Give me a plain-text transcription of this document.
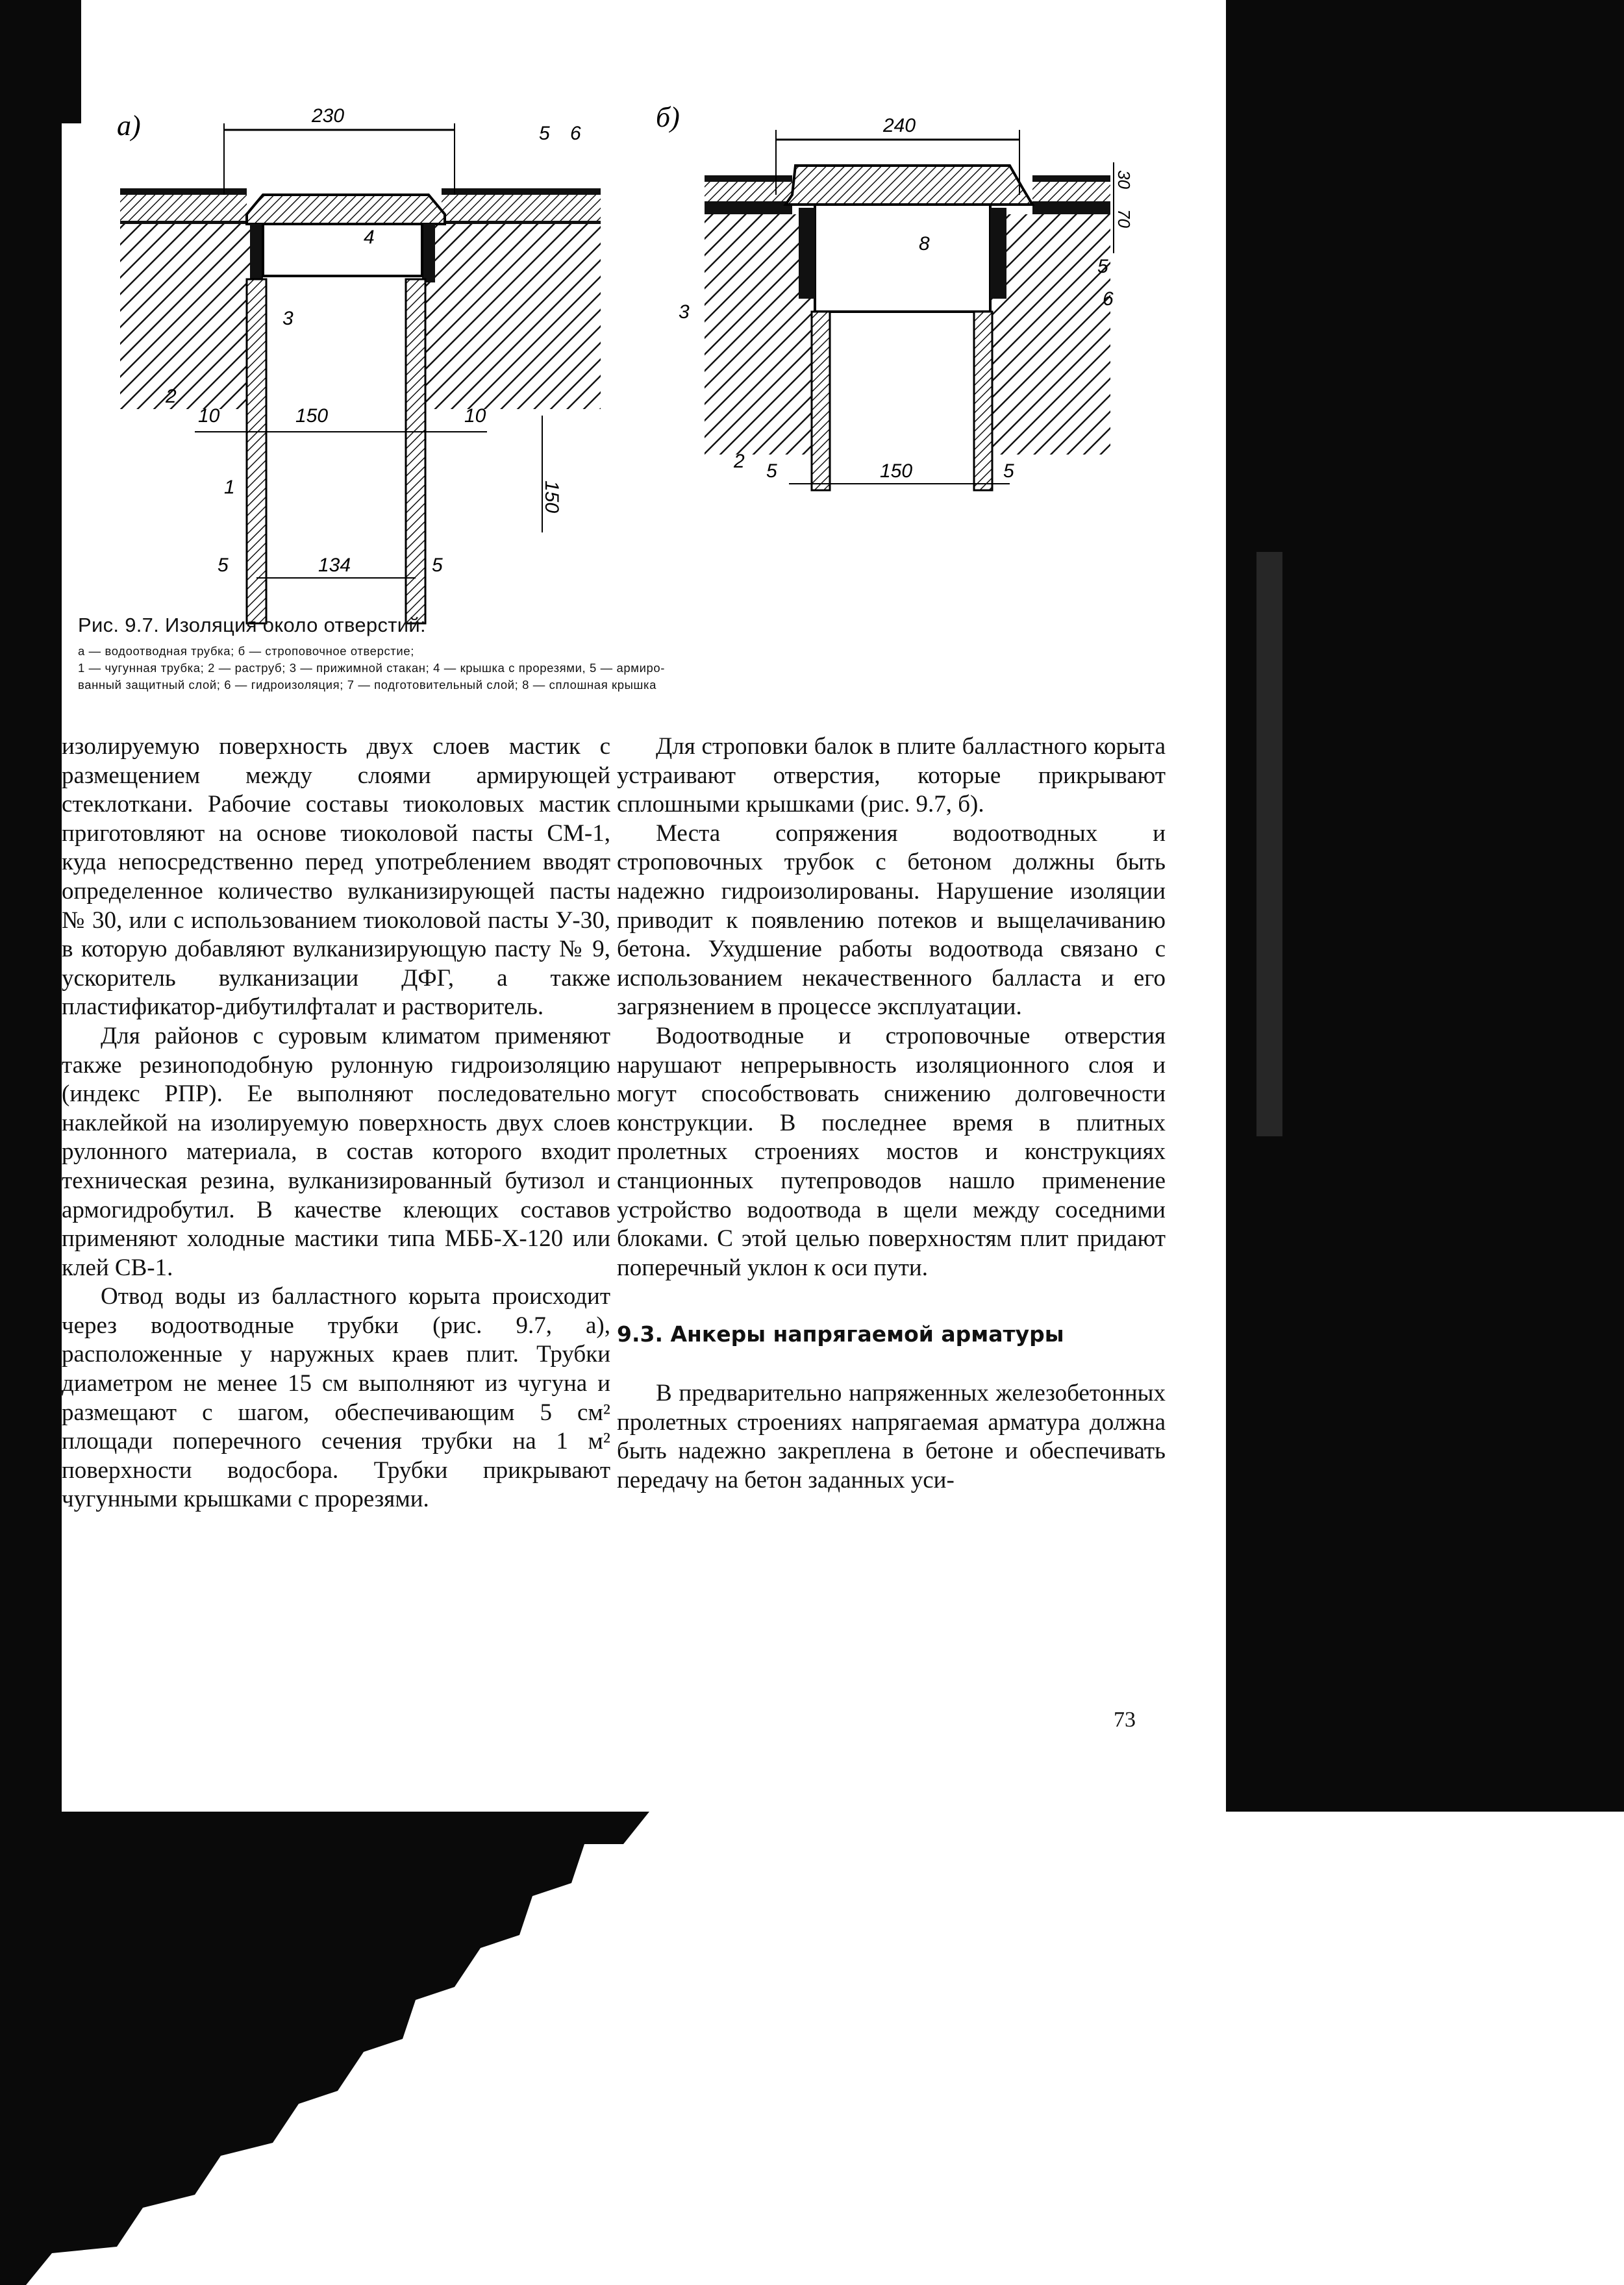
230
150
10	10
134
5	5
150
5 6
4
3
2
1
240
150
5	5
30
70
8
3
5
6
2

а)	б)

Рис. 9.7. Изоляция около отверстий:

а — водоотводная трубка; б — строповочное отверстие;

1 — чугунная трубка; 2 — раструб; 3 — прижимной стакан; 4 — крышка с прорезями, 5 — армиро-

ванный защитный слой; 6 — гидроизоляция; 7 — подготовительный слой; 8 — сплошная крышка

изолируемую поверхность двух слоев мастик с размещением между слоями армирующей стеклоткани. Рабочие составы тиоколовых мастик приготовляют на основе тиоколовой пасты СМ-1, куда непосредственно перед употреблением вводят определенное количество вулканизирующей пасты № 30, или с использованием тиоколовой пасты У-30, в которую добавляют вулканизирующую пасту № 9, ускоритель вулканизации ДФГ, а также пластификатор-дибутилфталат и растворитель.

Для районов с суровым климатом применяют также резиноподобную рулонную гидроизоляцию (индекс РПР). Ее выполняют последовательно наклейкой на изолируемую поверхность двух слоев рулонного материала, в состав которого входит техническая резина, вулканизированный бутизол и армогидробутил. В качестве клеющих составов применяют холодные мастики типа МББ-Х-120 или клей СВ-1.

Отвод воды из балластного корыта происходит через водоотводные трубки (рис. 9.7, а), расположенные у наружных краев плит. Трубки диаметром не менее 15 см выполняют из чугуна и размещают с шагом, обеспечивающим 5 см² площади поперечного сечения трубки на 1 м² поверхности водосбора. Трубки прикрывают чугунными крышками с прорезями.

Для строповки балок в плите балластного корыта устраивают отверстия, которые прикрывают сплошными крышками (рис. 9.7, б).

Места сопряжения водоотводных и строповочных трубок с бетоном должны быть надежно гидроизолированы. Нарушение изоляции приводит к появлению потеков и выщелачиванию бетона. Ухудшение работы водоотвода связано с использованием некачественного балласта и его загрязнением в процессе эксплуатации.

Водоотводные и строповочные отверстия нарушают непрерывность изоляционного слоя и могут способствовать снижению долговечности конструкции. В последнее время в плитных пролетных строениях мостов и конструкциях станционных путепроводов нашло применение устройство водоотвода в щели между соседними блоками. С этой целью поверхностям плит придают поперечный уклон к оси пути.

9.3. Анкеры напрягаемой арматуры

В предварительно напряженных железобетонных пролетных строениях напрягаемая арматура должна быть надежно закреплена в бетоне и обеспечивать передачу на бетон заданных уси-

73
